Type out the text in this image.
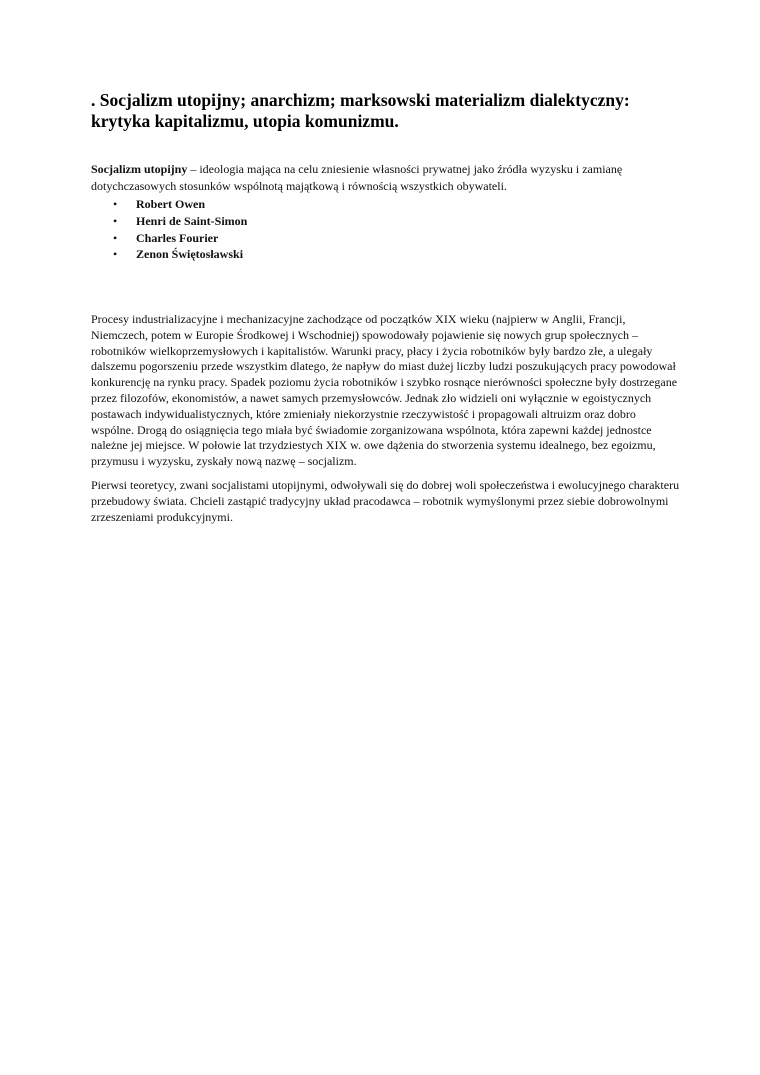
. Socjalizm utopijny; anarchizm; marksowski materializm dialektyczny: krytyka kapitalizmu, utopia komunizmu.

Socjalizm utopijny – ideologia mająca na celu zniesienie własności prywatnej jako źródła wyzysku i zamianę dotychczasowych stosunków wspólnotą majątkową i równością wszystkich obywateli.

• Robert Owen
• Henri de Saint-Simon
• Charles Fourier
• Zenon Świętosławski

Procesy industrializacyjne i mechanizacyjne zachodzące od początków XIX wieku (najpierw w Anglii, Francji, Niemczech, potem w Europie Środkowej i Wschodniej) spowodowały pojawienie się nowych grup społecznych – robotników wielkoprzemysłowych i kapitalistów. Warunki pracy, płacy i życia robotników były bardzo złe, a ulegały dalszemu pogorszeniu przede wszystkim dlatego, że napływ do miast dużej liczby ludzi poszukujących pracy powodował konkurencję na rynku pracy. Spadek poziomu życia robotników i szybko rosnące nierówności społeczne były dostrzegane przez filozofów, ekonomistów, a nawet samych przemysłowców. Jednak zło widzieli oni wyłącznie w egoistycznych postawach indywidualistycznych, które zmieniały niekorzystnie rzeczywistość i propagowali altruizm oraz dobro wspólne. Drogą do osiągnięcia tego miała być świadomie zorganizowana wspólnota, która zapewni każdej jednostce należne jej miejsce. W połowie lat trzydziestych XIX w. owe dążenia do stworzenia systemu idealnego, bez egoizmu, przymusu i wyzysku, zyskały nową nazwę – socjalizm.

Pierwsi teoretycy, zwani socjalistami utopijnymi, odwoływali się do dobrej woli społeczeństwa i ewolucyjnego charakteru przebudowy świata. Chcieli zastąpić tradycyjny układ pracodawca – robotnik wymyślonymi przez siebie dobrowolnymi zrzeszeniami produkcyjnymi.
